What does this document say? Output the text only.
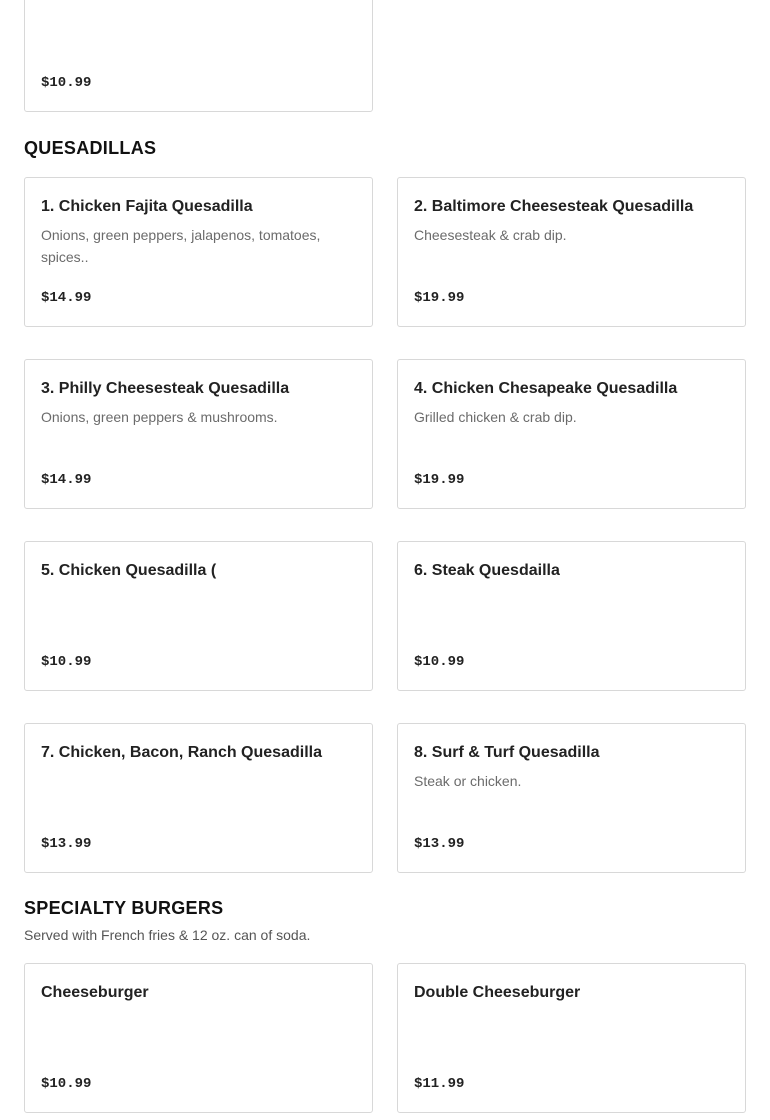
$10.99
QUESADILLAS
1. Chicken Fajita Quesadilla
Onions, green peppers, jalapenos, tomatoes, spices..
$14.99
2. Baltimore Cheesesteak Quesadilla
Cheesesteak & crab dip.
$19.99
3. Philly Cheesesteak Quesadilla
Onions, green peppers & mushrooms.
$14.99
4. Chicken Chesapeake Quesadilla
Grilled chicken & crab dip.
$19.99
5. Chicken Quesadilla (
$10.99
6. Steak Quesdailla
$10.99
7. Chicken, Bacon, Ranch Quesadilla
$13.99
8. Surf & Turf Quesadilla
Steak or chicken.
$13.99
SPECIALTY BURGERS
Served with French fries & 12 oz. can of soda.
Cheeseburger
$10.99
Double Cheeseburger
$11.99
